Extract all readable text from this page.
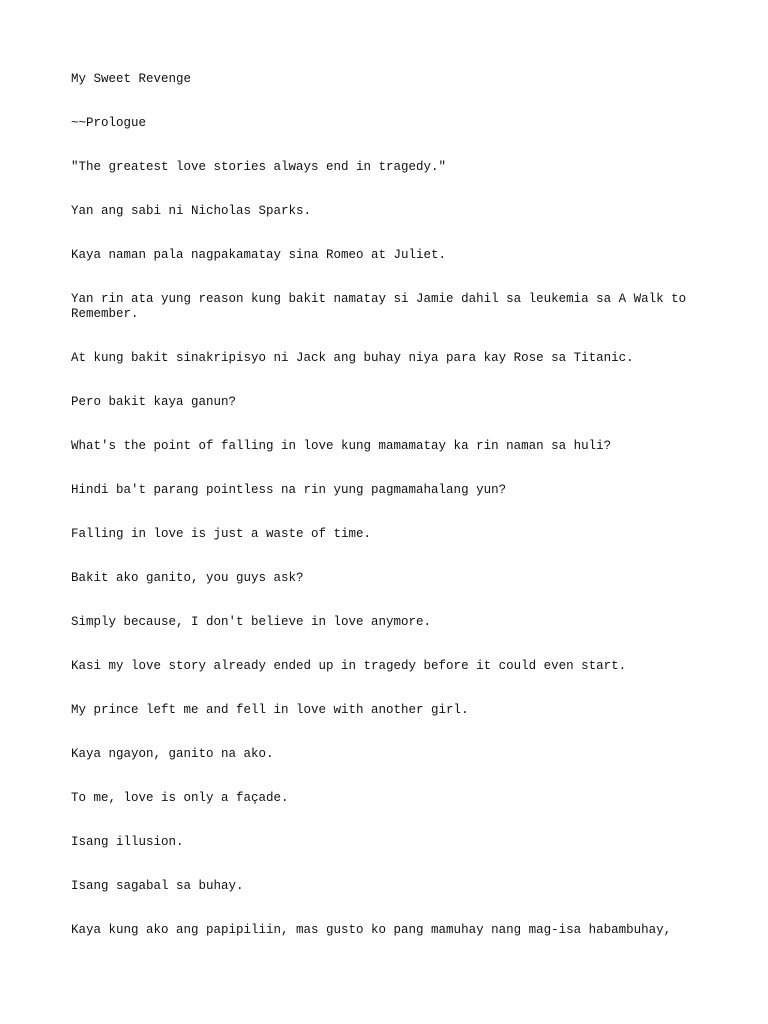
My Sweet Revenge

~~Prologue

"The greatest love stories always end in tragedy."

Yan ang sabi ni Nicholas Sparks.

Kaya naman pala nagpakamatay sina Romeo at Juliet.

Yan rin ata yung reason kung bakit namatay si Jamie dahil sa leukemia sa A Walk to Remember.

At kung bakit sinakripisyo ni Jack ang buhay niya para kay Rose sa Titanic.

Pero bakit kaya ganun?

What's the point of falling in love kung mamamatay ka rin naman sa huli?

Hindi ba't parang pointless na rin yung pagmamahalang yun?

Falling in love is just a waste of time.

Bakit ako ganito, you guys ask?

Simply because, I don't believe in love anymore.

Kasi my love story already ended up in tragedy before it could even start.

My prince left me and fell in love with another girl.

Kaya ngayon, ganito na ako.

To me, love is only a façade.

Isang illusion.

Isang sagabal sa buhay.

Kaya kung ako ang papipiliin, mas gusto ko pang mamuhay nang mag-isa habambuhay,
